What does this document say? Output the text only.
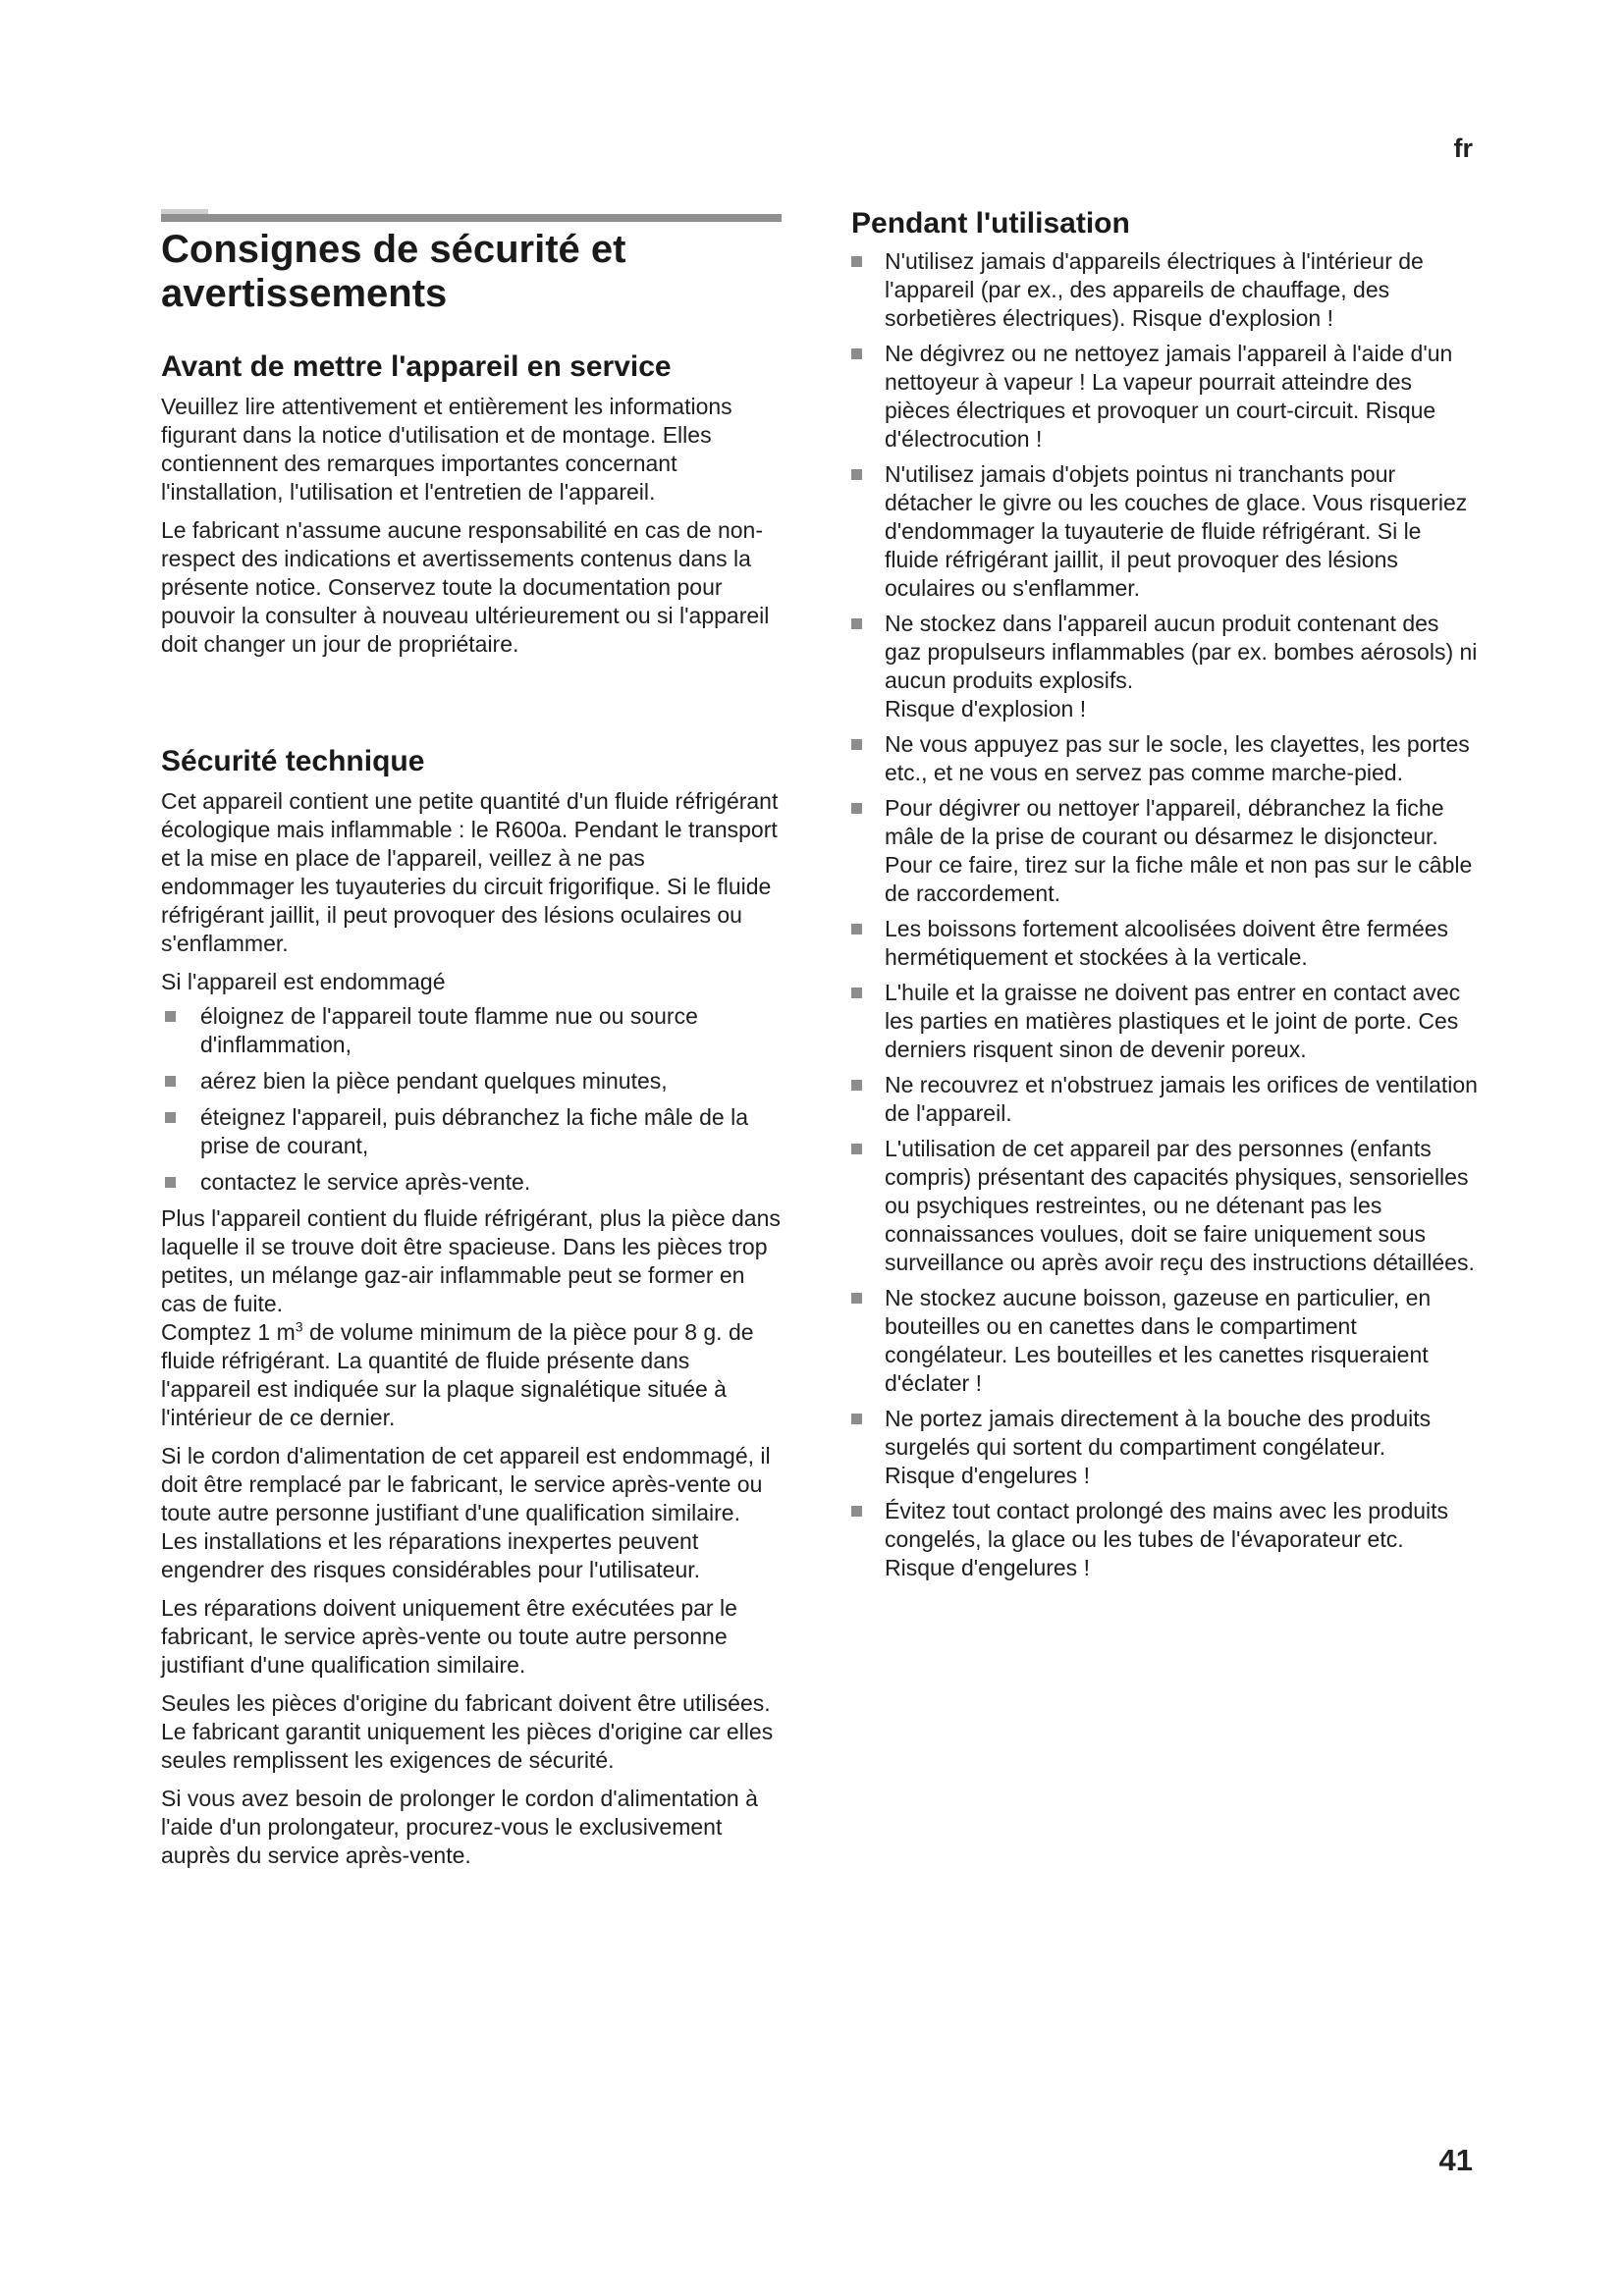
fr
Consignes de sécurité et avertissements
Avant de mettre l'appareil en service

Veuillez lire attentivement et entièrement les informations figurant dans la notice d'utilisation et de montage. Elles contiennent des remarques importantes concernant l'installation, l'utilisation et l'entretien de l'appareil.

Le fabricant n'assume aucune responsabilité en cas de non-respect des indications et avertissements contenus dans la présente notice. Conservez toute la documentation pour pouvoir la consulter à nouveau ultérieurement ou si l'appareil doit changer un jour de propriétaire.

Sécurité technique

Cet appareil contient une petite quantité d'un fluide réfrigérant écologique mais inflammable : le R600a. Pendant le transport et la mise en place de l'appareil, veillez à ne pas endommager les tuyauteries du circuit frigorifique. Si le fluide réfrigérant jaillit, il peut provoquer des lésions oculaires ou s'enflammer.

Si l'appareil est endommagé

éloignez de l'appareil toute flamme nue ou source d'inflammation,
aérez bien la pièce pendant quelques minutes,
éteignez l'appareil, puis débranchez la fiche mâle de la prise de courant,
contactez le service après-vente.

Plus l'appareil contient du fluide réfrigérant, plus la pièce dans laquelle il se trouve doit être spacieuse. Dans les pièces trop petites, un mélange gaz-air inflammable peut se former en cas de fuite.

Comptez 1 $m^3$ de volume minimum de la pièce pour 8 g. de fluide réfrigérant. La quantité de fluide présente dans l'appareil est indiquée sur la plaque signalétique située à l'intérieur de ce dernier.

Si le cordon d'alimentation de cet appareil est endommagé, il doit être remplacé par le fabricant, le service après-vente ou toute autre personne justifiant d'une qualification similaire. Les installations et les réparations inexpertes peuvent engendrer des risques considérables pour l'utilisateur.

Les réparations doivent uniquement être exécutées par le fabricant, le service après-vente ou toute autre personne justifiant d'une qualification similaire.

Seules les pièces d'origine du fabricant doivent être utilisées. Le fabricant garantit uniquement les pièces d'origine car elles seules remplissent les exigences de sécurité.

Si vous avez besoin de prolonger le cordon d'alimentation à l'aide d'un prolongateur, procurez-vous le exclusivement auprès du service après-vente.

Pendant l'utilisation
N'utilisez jamais d'appareils électriques à l'intérieur de l'appareil (par ex., des appareils de chauffage, des sorbetières électriques). Risque d'explosion !
Ne dégivrez ou ne nettoyez jamais l'appareil à l'aide d'un nettoyeur à vapeur ! La vapeur pourrait atteindre des pièces électriques et provoquer un court-circuit. Risque d'électrocution !
N'utilisez jamais d'objets pointus ni tranchants pour détacher le givre ou les couches de glace. Vous risqueriez d'endommager la tuyauterie de fluide réfrigérant. Si le fluide réfrigérant jaillit, il peut provoquer des lésions oculaires ou s'enflammer.
Ne stockez dans l'appareil aucun produit contenant des gaz propulseurs inflammables (par ex. bombes aérosols) ni aucun produits explosifs.
Risque d'explosion !
Ne vous appuyez pas sur le socle, les clayettes, les portes etc., et ne vous en servez pas comme marche-pied.
Pour dégivrer ou nettoyer l'appareil, débranchez la fiche mâle de la prise de courant ou désarmez le disjoncteur. Pour ce faire, tirez sur la fiche mâle et non pas sur le câble de raccordement.
Les boissons fortement alcoolisées doivent être fermées hermétiquement et stockées à la verticale.
L'huile et la graisse ne doivent pas entrer en contact avec les parties en matières plastiques et le joint de porte. Ces derniers risquent sinon de devenir poreux.
Ne recouvrez et n'obstruez jamais les orifices de ventilation de l'appareil.
L'utilisation de cet appareil par des personnes (enfants compris) présentant des capacités physiques, sensorielles ou psychiques restreintes, ou ne détenant pas les connaissances voulues, doit se faire uniquement sous surveillance ou après avoir reçu des instructions détaillées.
Ne stockez aucune boisson, gazeuse en particulier, en bouteilles ou en canettes dans le compartiment congélateur. Les bouteilles et les canettes risqueraient d'éclater !
Ne portez jamais directement à la bouche des produits surgelés qui sortent du compartiment congélateur.
Risque d'engelures !
Évitez tout contact prolongé des mains avec les produits congelés, la glace ou les tubes de l'évaporateur etc.
Risque d'engelures !
41
